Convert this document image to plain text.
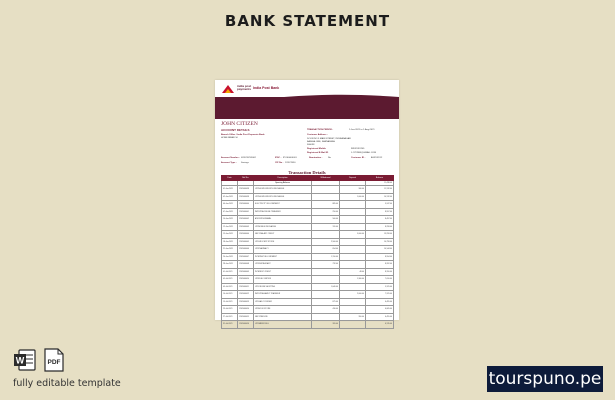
BANK STATEMENT
india post
payments India Post Bank
JOHN CITIZEN
ACCOUNT DETAILS	TRANSACTION PERIOD :	1-Jun-2021 to 1-Aug-2021
Branch Office / India Post Payments Bank
HOME BRANCH
Customer Address :
DOOR NO 5 MAIN STREET, INDIRANAGAR
BANGALORE, KARNATAKA
560038
Registered Mobile	98XXXXX245
Registered E-Mail ID	J.CITIZEN@GMAIL.COM
Account Number : 0XXXXXX3062	IFSC : IPOS0000001	Nomination :	No	Customer ID :	AXXXXX12
Account Type : Savings	CIF No : 1XXX7650
Transaction Details
Date	Ref No.	Description	Withdrawal	Deposit	Balance
		Opening Balance			11,438.00
01-Jun-2021	1262066438	UPI/NS.PAY/4318/DTH RECHARGE		306.00	11,132.00
02-Jun-2021	1262066438	UPI/NS.PAY/4318/DTH RECHARGE		1,000.00	10,132.00
04-Jun-2021	1262066440	ELECTRICITY BILL PAYMENT	885.00		9,247.00
07-Jun-2021	1262066441	IMPS/P2A/ONLINE TRANSFER	250.00		8,997.00
10-Jun-2021	1262066442	ATM WITHDRAWAL	500.00		8,497.00
12-Jun-2021	1262066443	UPI/MOBILE RECHARGE	199.00		8,298.00
15-Jun-2021	1262066444	NEFT/SALARY CREDIT		5,000.00	13,298.00
18-Jun-2021	1262066445	UPI/GROCERY STORE	2,500.00		10,798.00
21-Jun-2021	1262066446	UPI/PHARMACY	654.00		10,144.00
24-Jun-2021	1262066447	INTERNET BILL PAYMENT	1,150.00		8,994.00
28-Jun-2021	1262066448	UPI/RESTAURANT	732.00		8,262.00
01-Jul-2021	1262066449	INTEREST CREDIT		48.00	8,310.00
05-Jul-2021	1262066450	UPI/FUEL STATION		1,300.00	7,010.00
09-Jul-2021	1262066451	UPI/ONLINE SHOPPING	1,640.00		5,370.00
14-Jul-2021	1262066452	IMPS/P2A/FAMILY TRANSFER		2,000.00	7,370.00
19-Jul-2021	1262066453	UPI/GAS CYLINDER	875.00		6,495.00
23-Jul-2021	1262066454	UPI/BOOK STORE	430.00		6,065.00
27-Jul-2021	1262066455	NEFT/REFUND		390.00	6,455.00
31-Jul-2021	1262066456	UPI/WATER BILL	320.00		6,135.00
W	PDF
fully editable template	tourspuno.pe
